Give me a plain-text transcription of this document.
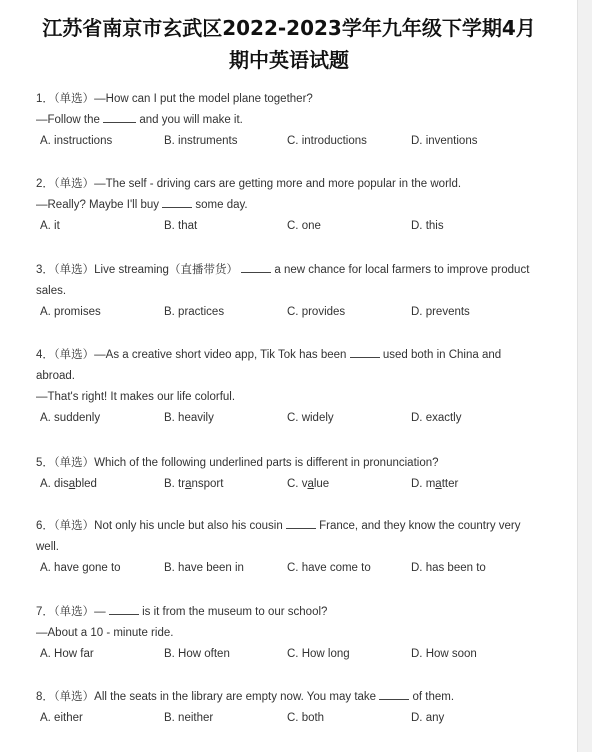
江苏省南京市玄武区2022-2023学年九年级下学期4月
期中英语试题
1．（单选）—How can I put the model plane together?
—Follow the	and you will make it.
A. instructions	B. instruments	C. introductions	D. inventions
2．（单选）—The self - driving cars are getting more and more popular in the world.
—Really? Maybe I'll buy	some day.
A. it	B. that	C. one	D. this
3．（单选）Live streaming（直播带货）	a new chance for local farmers to improve product
sales.
A. promises	B. practices	C. provides	D. prevents
4．（单选）—As a creative short video app, Tik Tok has been	used both in China and
abroad.
—That's right! It makes our life colorful.
A. suddenly	B. heavily	C. widely	D. exactly
5．（单选）Which of the following underlined parts is different in pronunciation?
A. disabled	B. transport	C. value	D. matter
6．（单选）Not only his uncle but also his cousin	France, and they know the country very
well.
A. have gone to	B. have been in	C. have come to	D. has been to
7．（单选）—	is it from the museum to our school?
—About a 10 - minute ride.
A. How far	B. How often	C. How long	D. How soon
8．（单选）All the seats in the library are empty now. You may take	of them.
A. either	B. neither	C. both	D. any
